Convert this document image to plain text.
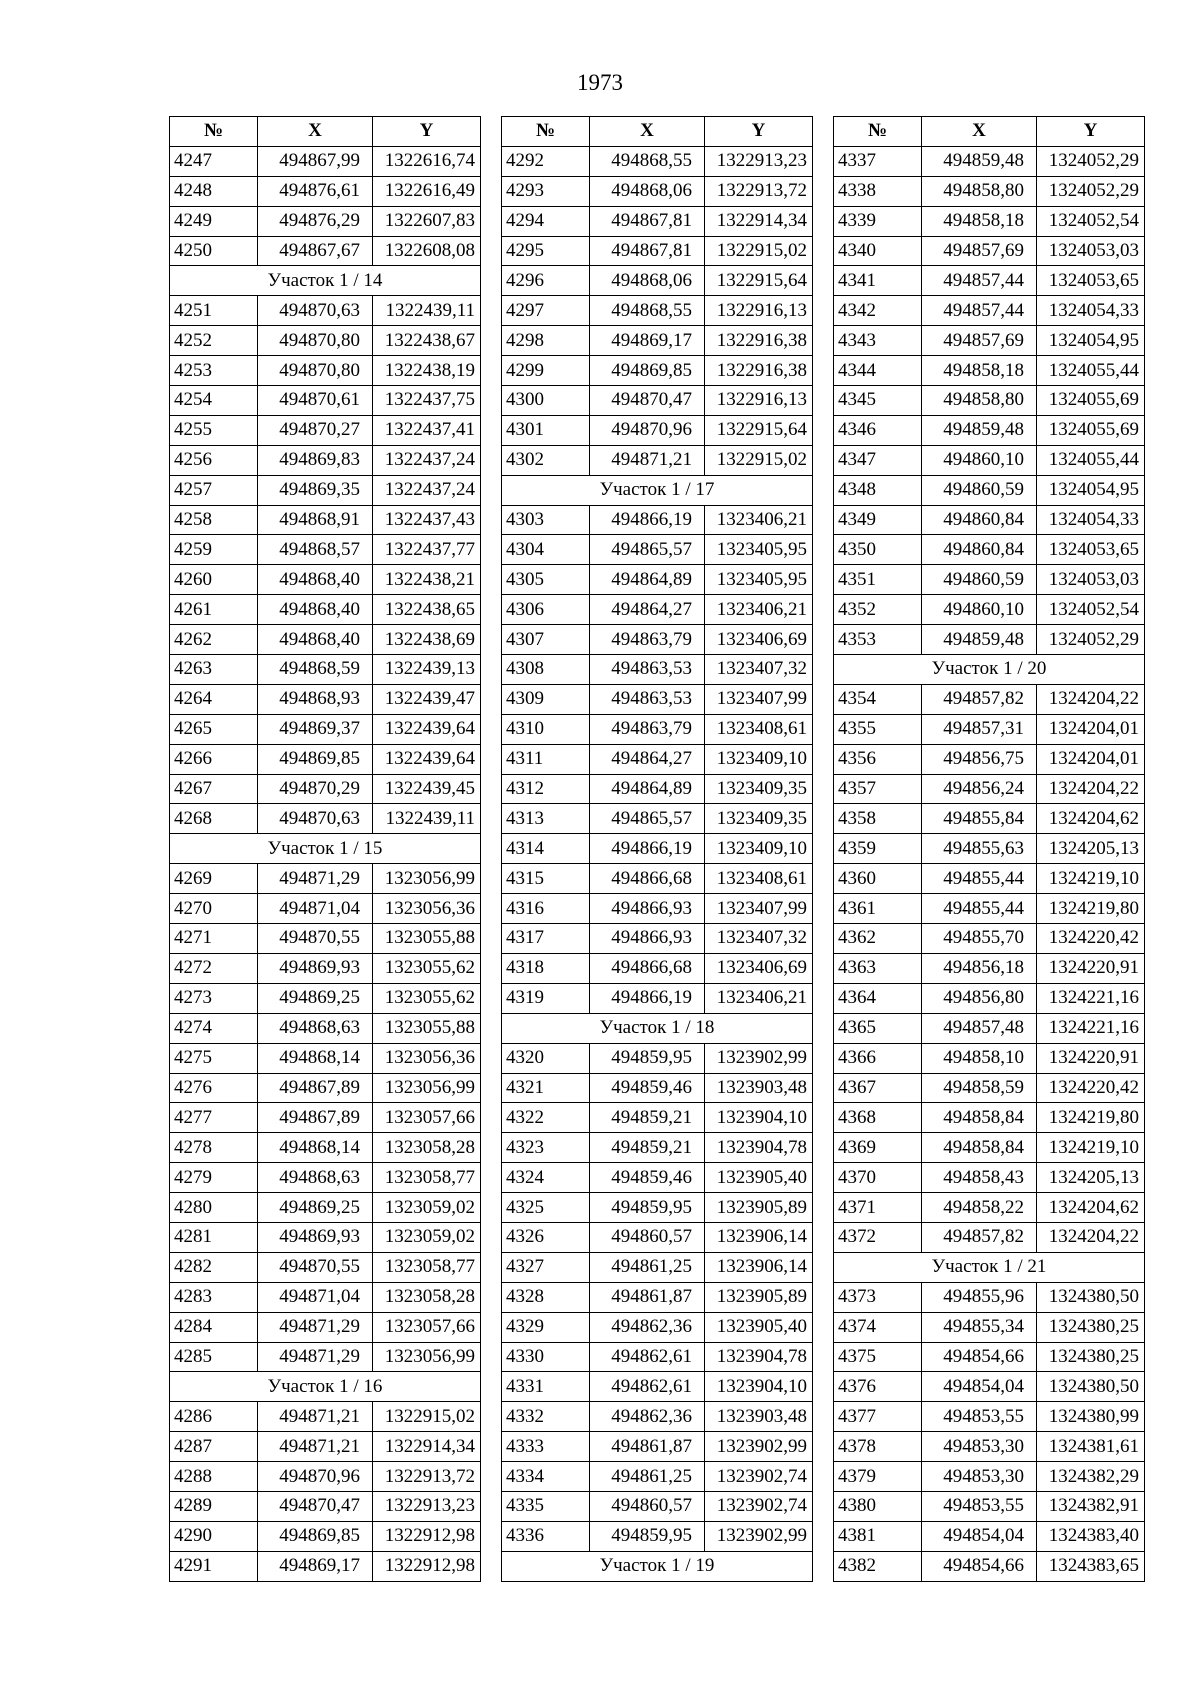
1973
№	X	Y
4247	494867,99	1322616,74
4248	494876,61	1322616,49
4249	494876,29	1322607,83
4250	494867,67	1322608,08
Участок 1 / 14		
4251	494870,63	1322439,11
4252	494870,80	1322438,67
4253	494870,80	1322438,19
4254	494870,61	1322437,75
4255	494870,27	1322437,41
4256	494869,83	1322437,24
4257	494869,35	1322437,24
4258	494868,91	1322437,43
4259	494868,57	1322437,77
4260	494868,40	1322438,21
4261	494868,40	1322438,65
4262	494868,40	1322438,69
4263	494868,59	1322439,13
4264	494868,93	1322439,47
4265	494869,37	1322439,64
4266	494869,85	1322439,64
4267	494870,29	1322439,45
4268	494870,63	1322439,11
Участок 1 / 15		
4269	494871,29	1323056,99
4270	494871,04	1323056,36
4271	494870,55	1323055,88
4272	494869,93	1323055,62
4273	494869,25	1323055,62
4274	494868,63	1323055,88
4275	494868,14	1323056,36
4276	494867,89	1323056,99
4277	494867,89	1323057,66
4278	494868,14	1323058,28
4279	494868,63	1323058,77
4280	494869,25	1323059,02
4281	494869,93	1323059,02
4282	494870,55	1323058,77
4283	494871,04	1323058,28
4284	494871,29	1323057,66
4285	494871,29	1323056,99
Участок 1 / 16		
4286	494871,21	1322915,02
4287	494871,21	1322914,34
4288	494870,96	1322913,72
4289	494870,47	1322913,23
4290	494869,85	1322912,98
4291	494869,17	1322912,98
№	X	Y
4292	494868,55	1322913,23
4293	494868,06	1322913,72
4294	494867,81	1322914,34
4295	494867,81	1322915,02
4296	494868,06	1322915,64
4297	494868,55	1322916,13
4298	494869,17	1322916,38
4299	494869,85	1322916,38
4300	494870,47	1322916,13
4301	494870,96	1322915,64
4302	494871,21	1322915,02
Участок 1 / 17		
4303	494866,19	1323406,21
4304	494865,57	1323405,95
4305	494864,89	1323405,95
4306	494864,27	1323406,21
4307	494863,79	1323406,69
4308	494863,53	1323407,32
4309	494863,53	1323407,99
4310	494863,79	1323408,61
4311	494864,27	1323409,10
4312	494864,89	1323409,35
4313	494865,57	1323409,35
4314	494866,19	1323409,10
4315	494866,68	1323408,61
4316	494866,93	1323407,99
4317	494866,93	1323407,32
4318	494866,68	1323406,69
4319	494866,19	1323406,21
Участок 1 / 18		
4320	494859,95	1323902,99
4321	494859,46	1323903,48
4322	494859,21	1323904,10
4323	494859,21	1323904,78
4324	494859,46	1323905,40
4325	494859,95	1323905,89
4326	494860,57	1323906,14
4327	494861,25	1323906,14
4328	494861,87	1323905,89
4329	494862,36	1323905,40
4330	494862,61	1323904,78
4331	494862,61	1323904,10
4332	494862,36	1323903,48
4333	494861,87	1323902,99
4334	494861,25	1323902,74
4335	494860,57	1323902,74
4336	494859,95	1323902,99
Участок 1 / 19		
№	X	Y
4337	494859,48	1324052,29
4338	494858,80	1324052,29
4339	494858,18	1324052,54
4340	494857,69	1324053,03
4341	494857,44	1324053,65
4342	494857,44	1324054,33
4343	494857,69	1324054,95
4344	494858,18	1324055,44
4345	494858,80	1324055,69
4346	494859,48	1324055,69
4347	494860,10	1324055,44
4348	494860,59	1324054,95
4349	494860,84	1324054,33
4350	494860,84	1324053,65
4351	494860,59	1324053,03
4352	494860,10	1324052,54
4353	494859,48	1324052,29
Участок 1 / 20		
4354	494857,82	1324204,22
4355	494857,31	1324204,01
4356	494856,75	1324204,01
4357	494856,24	1324204,22
4358	494855,84	1324204,62
4359	494855,63	1324205,13
4360	494855,44	1324219,10
4361	494855,44	1324219,80
4362	494855,70	1324220,42
4363	494856,18	1324220,91
4364	494856,80	1324221,16
4365	494857,48	1324221,16
4366	494858,10	1324220,91
4367	494858,59	1324220,42
4368	494858,84	1324219,80
4369	494858,84	1324219,10
4370	494858,43	1324205,13
4371	494858,22	1324204,62
4372	494857,82	1324204,22
Участок 1 / 21		
4373	494855,96	1324380,50
4374	494855,34	1324380,25
4375	494854,66	1324380,25
4376	494854,04	1324380,50
4377	494853,55	1324380,99
4378	494853,30	1324381,61
4379	494853,30	1324382,29
4380	494853,55	1324382,91
4381	494854,04	1324383,40
4382	494854,66	1324383,65
